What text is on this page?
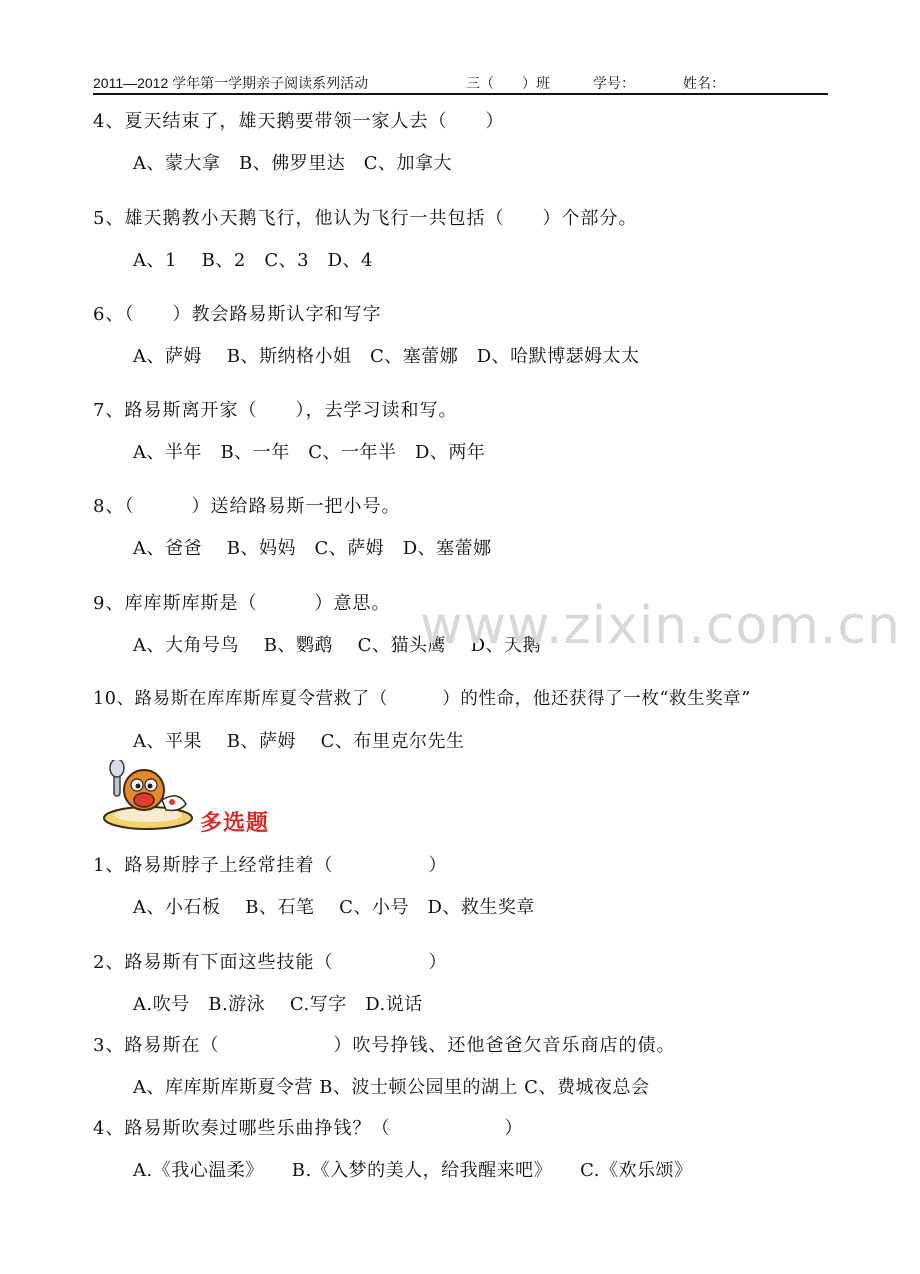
2011—2012 学年第一学期亲子阅读系列活动	三（　　）班	学号：	姓名：
4、夏天结束了，雄天鹅要带领一家人去（　　）
A、蒙大拿　B、佛罗里达　C、加拿大
5、雄天鹅教小天鹅飞行，他认为飞行一共包括（　　）个部分。
A、1　 B、2　C、3　D、4
6、（　　）教会路易斯认字和写字
A、萨姆　 B、斯纳格小姐　C、塞蕾娜　D、哈默博瑟姆太太
7、路易斯离开家（　　），去学习读和写。
A、半年　B、一年　C、一年半　D、两年
8、（　　　）送给路易斯一把小号。
A、爸爸　 B、妈妈　C、萨姆　D、塞蕾娜
9、库库斯库斯是（　　　）意思。
A、大角号鸟　 B、鹦鹉　 C、猫头鹰　 D、天鹅
10、路易斯在库库斯库夏令营救了（　　　）的性命，他还获得了一枚“救生奖章”
A、平果　 B、萨姆　 C、布里克尔先生
多选题
1、路易斯脖子上经常挂着（　　　　　）
A、小石板　 B、石笔　 C、小号　D、救生奖章
2、路易斯有下面这些技能（　　　　　）
A.吹号　B.游泳　 C.写字　D.说话
3、路易斯在（　　　　　　）吹号挣钱、还他爸爸欠音乐商店的债。
A、库库斯库斯夏令营 B、波士顿公园里的湖上 C、费城夜总会
4、路易斯吹奏过哪些乐曲挣钱？（　　　　　　）
A.《我心温柔》　　B.《入梦的美人，给我醒来吧》　　C.《欢乐颂》
www.zixin.com.cn
